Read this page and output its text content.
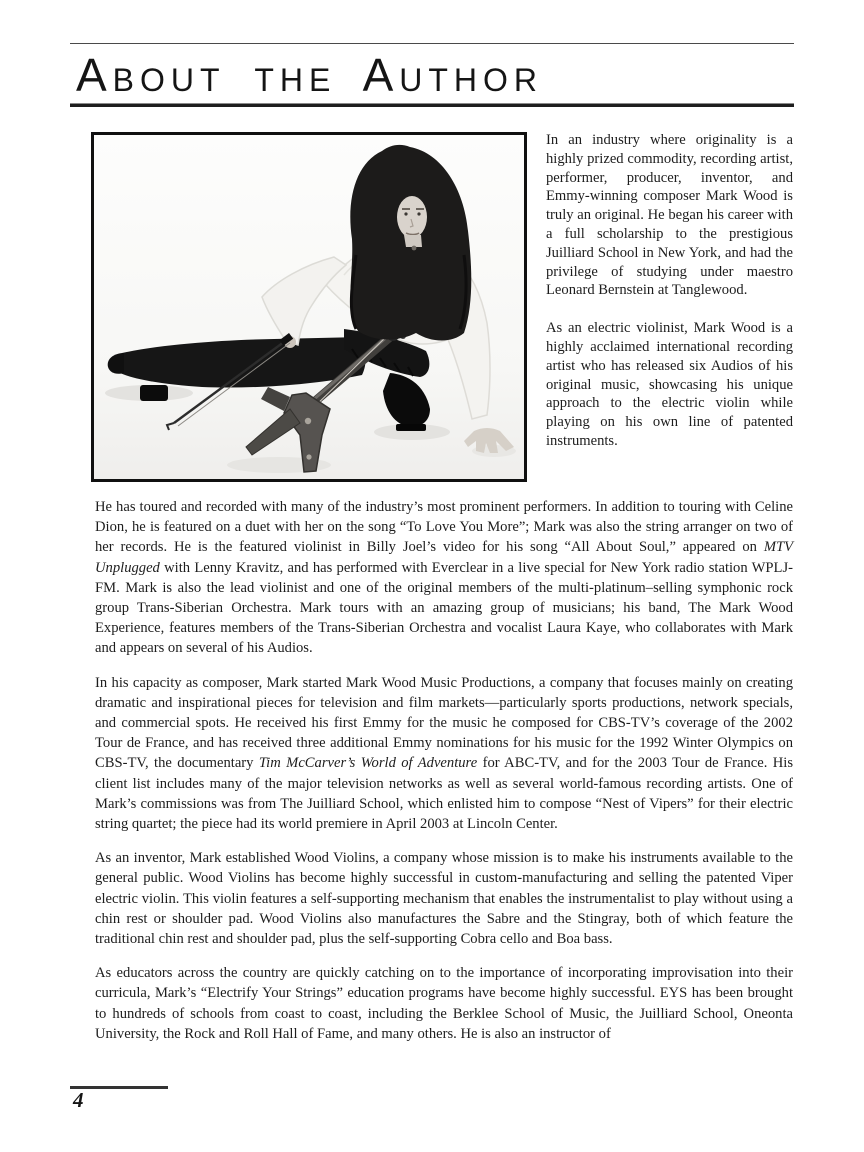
About the Author

In an industry where originality is a highly prized commodity, recording artist, performer, producer, inventor, and Emmy-winning composer Mark Wood is truly an original. He began his career with a full scholarship to the prestigious Juilliard School in New York, and had the privilege of studying under maestro Leonard Bernstein at Tanglewood.

As an electric violinist, Mark Wood is a highly acclaimed international recording artist who has released six Audios of his original music, showcasing his unique approach to the electric violin while playing on his own line of patented instruments.

He has toured and recorded with many of the industry’s most prominent performers. In addition to touring with Celine Dion, he is featured on a duet with her on the song “To Love You More”; Mark was also the string arranger on two of her records. He is the featured violinist in Billy Joel’s video for his song “All About Soul,” appeared on MTV Unplugged with Lenny Kravitz, and has performed with Everclear in a live special for New York radio station WPLJ-FM. Mark is also the lead violinist and one of the original members of the multi-platinum–selling symphonic rock group Trans-Siberian Orchestra. Mark tours with an amazing group of musicians; his band, The Mark Wood Experience, features members of the Trans-Siberian Orchestra and vocalist Laura Kaye, who collaborates with Mark and appears on several of his Audios.

In his capacity as composer, Mark started Mark Wood Music Productions, a company that focuses mainly on creating dramatic and inspirational pieces for television and film markets—particularly sports productions, network specials, and commercial spots. He received his first Emmy for the music he composed for CBS-TV’s coverage of the 2002 Tour de France, and has received three additional Emmy nominations for his music for the 1992 Winter Olympics on CBS-TV, the documentary Tim McCarver’s World of Adventure for ABC-TV, and for the 2003 Tour de France. His client list includes many of the major television networks as well as several world-famous recording artists. One of Mark’s commissions was from The Juilliard School, which enlisted him to compose “Nest of Vipers” for their electric string quartet; the piece had its world premiere in April 2003 at Lincoln Center.

As an inventor, Mark established Wood Violins, a company whose mission is to make his instruments available to the general public. Wood Violins has become highly successful in custom-manufacturing and selling the patented Viper electric violin. This violin features a self-supporting mechanism that enables the instrumentalist to play without using a chin rest or shoulder pad. Wood Violins also manufactures the Sabre and the Stingray, both of which feature the traditional chin rest and shoulder pad, plus the self-supporting Cobra cello and Boa bass.

As educators across the country are quickly catching on to the importance of incorporating improvisation into their curricula, Mark’s “Electrify Your Strings” education programs have become highly successful. EYS has been brought to hundreds of schools from coast to coast, including the Berklee School of Music, the Juilliard School, Oneonta University, the Rock and Roll Hall of Fame, and many others. He is also an instructor of

4
